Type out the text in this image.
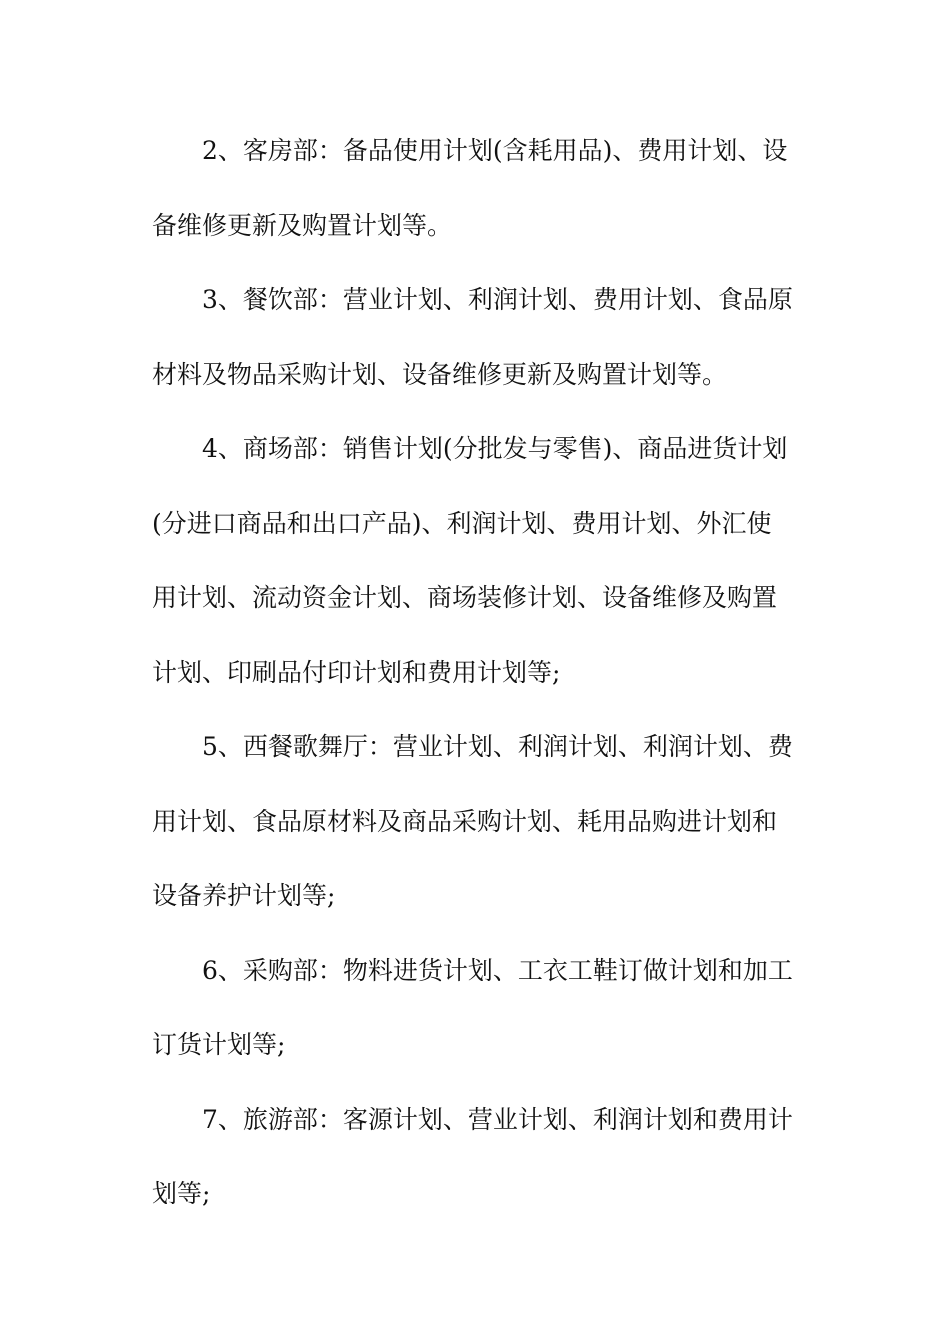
2、客房部：备品使用计划(含耗用品)、费用计划、设
备维修更新及购置计划等。
3、餐饮部：营业计划、利润计划、费用计划、食品原
材料及物品采购计划、设备维修更新及购置计划等。
4、商场部：销售计划(分批发与零售)、商品进货计划
(分进口商品和出口产品)、利润计划、费用计划、外汇使
用计划、流动资金计划、商场装修计划、设备维修及购置
计划、印刷品付印计划和费用计划等;
5、西餐歌舞厅：营业计划、利润计划、利润计划、费
用计划、食品原材料及商品采购计划、耗用品购进计划和
设备养护计划等;
6、采购部：物料进货计划、工衣工鞋订做计划和加工
订货计划等;
7、旅游部：客源计划、营业计划、利润计划和费用计
划等;
